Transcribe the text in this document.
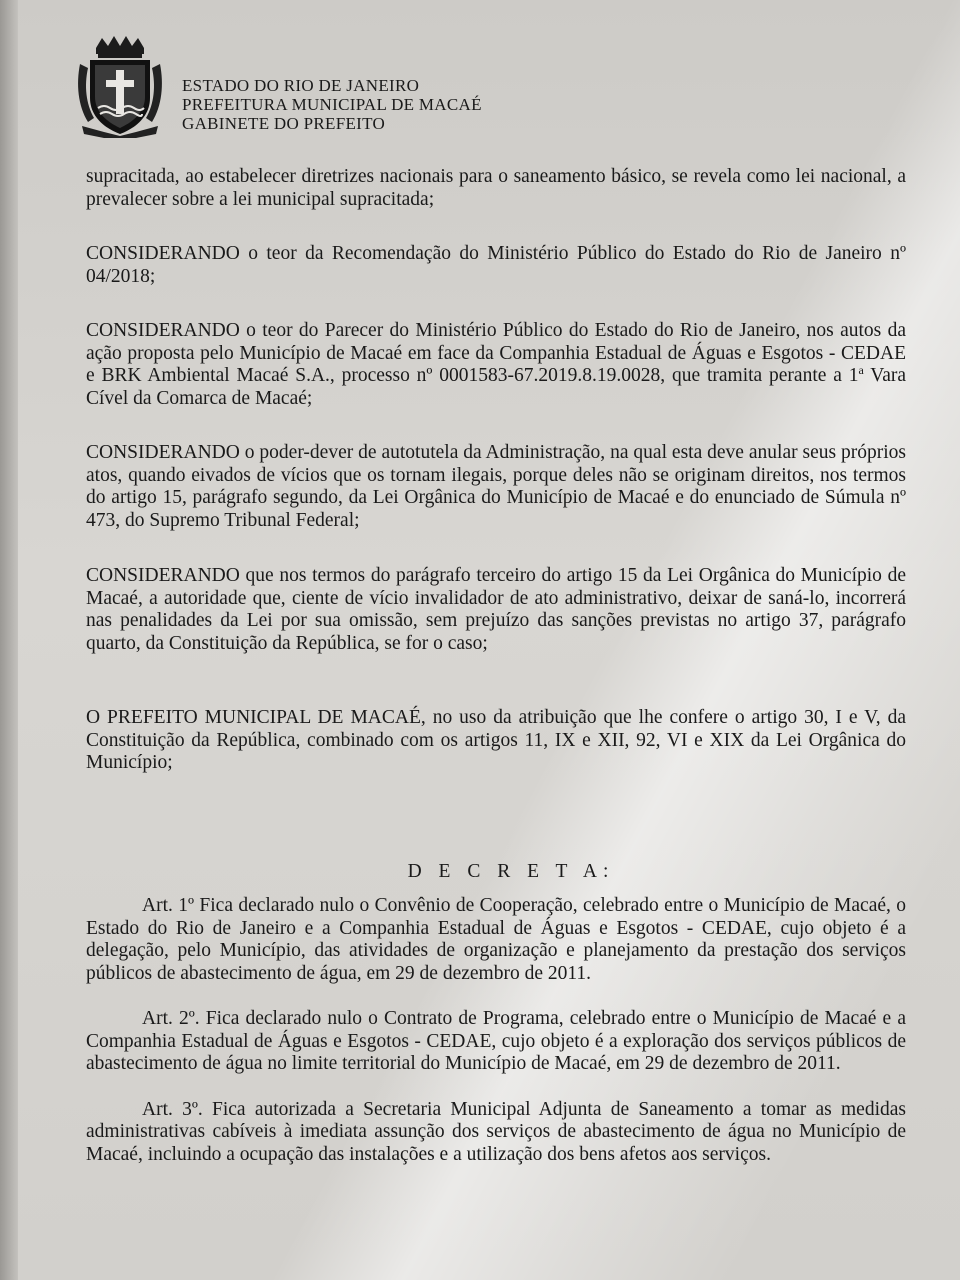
ESTADO DO RIO DE JANEIRO
PREFEITURA MUNICIPAL DE MACAÉ
GABINETE DO PREFEITO

supracitada, ao estabelecer diretrizes nacionais para o saneamento básico, se revela como lei nacional, a prevalecer sobre a lei municipal supracitada;

CONSIDERANDO o teor da Recomendação do Ministério Público do Estado do Rio de Janeiro nº 04/2018;

CONSIDERANDO o teor do Parecer do Ministério Público do Estado do Rio de Janeiro, nos autos da ação proposta pelo Município de Macaé em face da Companhia Estadual de Águas e Esgotos - CEDAE e BRK Ambiental Macaé S.A., processo nº 0001583-67.2019.8.19.0028, que tramita perante a 1$^a$ Vara Cível da Comarca de Macaé;

CONSIDERANDO o poder-dever de autotutela da Administração, na qual esta deve anular seus próprios atos, quando eivados de vícios que os tornam ilegais, porque deles não se originam direitos, nos termos do artigo 15, parágrafo segundo, da Lei Orgânica do Município de Macaé e do enunciado de Súmula nº 473, do Supremo Tribunal Federal;

CONSIDERANDO que nos termos do parágrafo terceiro do artigo 15 da Lei Orgânica do Município de Macaé, a autoridade que, ciente de vício invalidador de ato administrativo, deixar de saná-lo, incorrerá nas penalidades da Lei por sua omissão, sem prejuízo das sanções previstas no artigo 37, parágrafo quarto, da Constituição da República, se for o caso;

O PREFEITO MUNICIPAL DE MACAÉ, no uso da atribuição que lhe confere o artigo 30, I e V, da Constituição da República, combinado com os artigos 11, IX e XII, 92, VI e XIX da Lei Orgânica do Município;

D E C R E T A:

Art. 1º Fica declarado nulo o Convênio de Cooperação, celebrado entre o Município de Macaé, o Estado do Rio de Janeiro e a Companhia Estadual de Águas e Esgotos - CEDAE, cujo objeto é a delegação, pelo Município, das atividades de organização e planejamento da prestação dos serviços públicos de abastecimento de água, em 29 de dezembro de 2011.

Art. 2º. Fica declarado nulo o Contrato de Programa, celebrado entre o Município de Macaé e a Companhia Estadual de Águas e Esgotos - CEDAE, cujo objeto é a exploração dos serviços públicos de abastecimento de água no limite territorial do Município de Macaé, em 29 de dezembro de 2011.

Art. 3º. Fica autorizada a Secretaria Municipal Adjunta de Saneamento a tomar as medidas administrativas cabíveis à imediata assunção dos serviços de abastecimento de água no Município de Macaé, incluindo a ocupação das instalações e a utilização dos bens afetos aos serviços.
